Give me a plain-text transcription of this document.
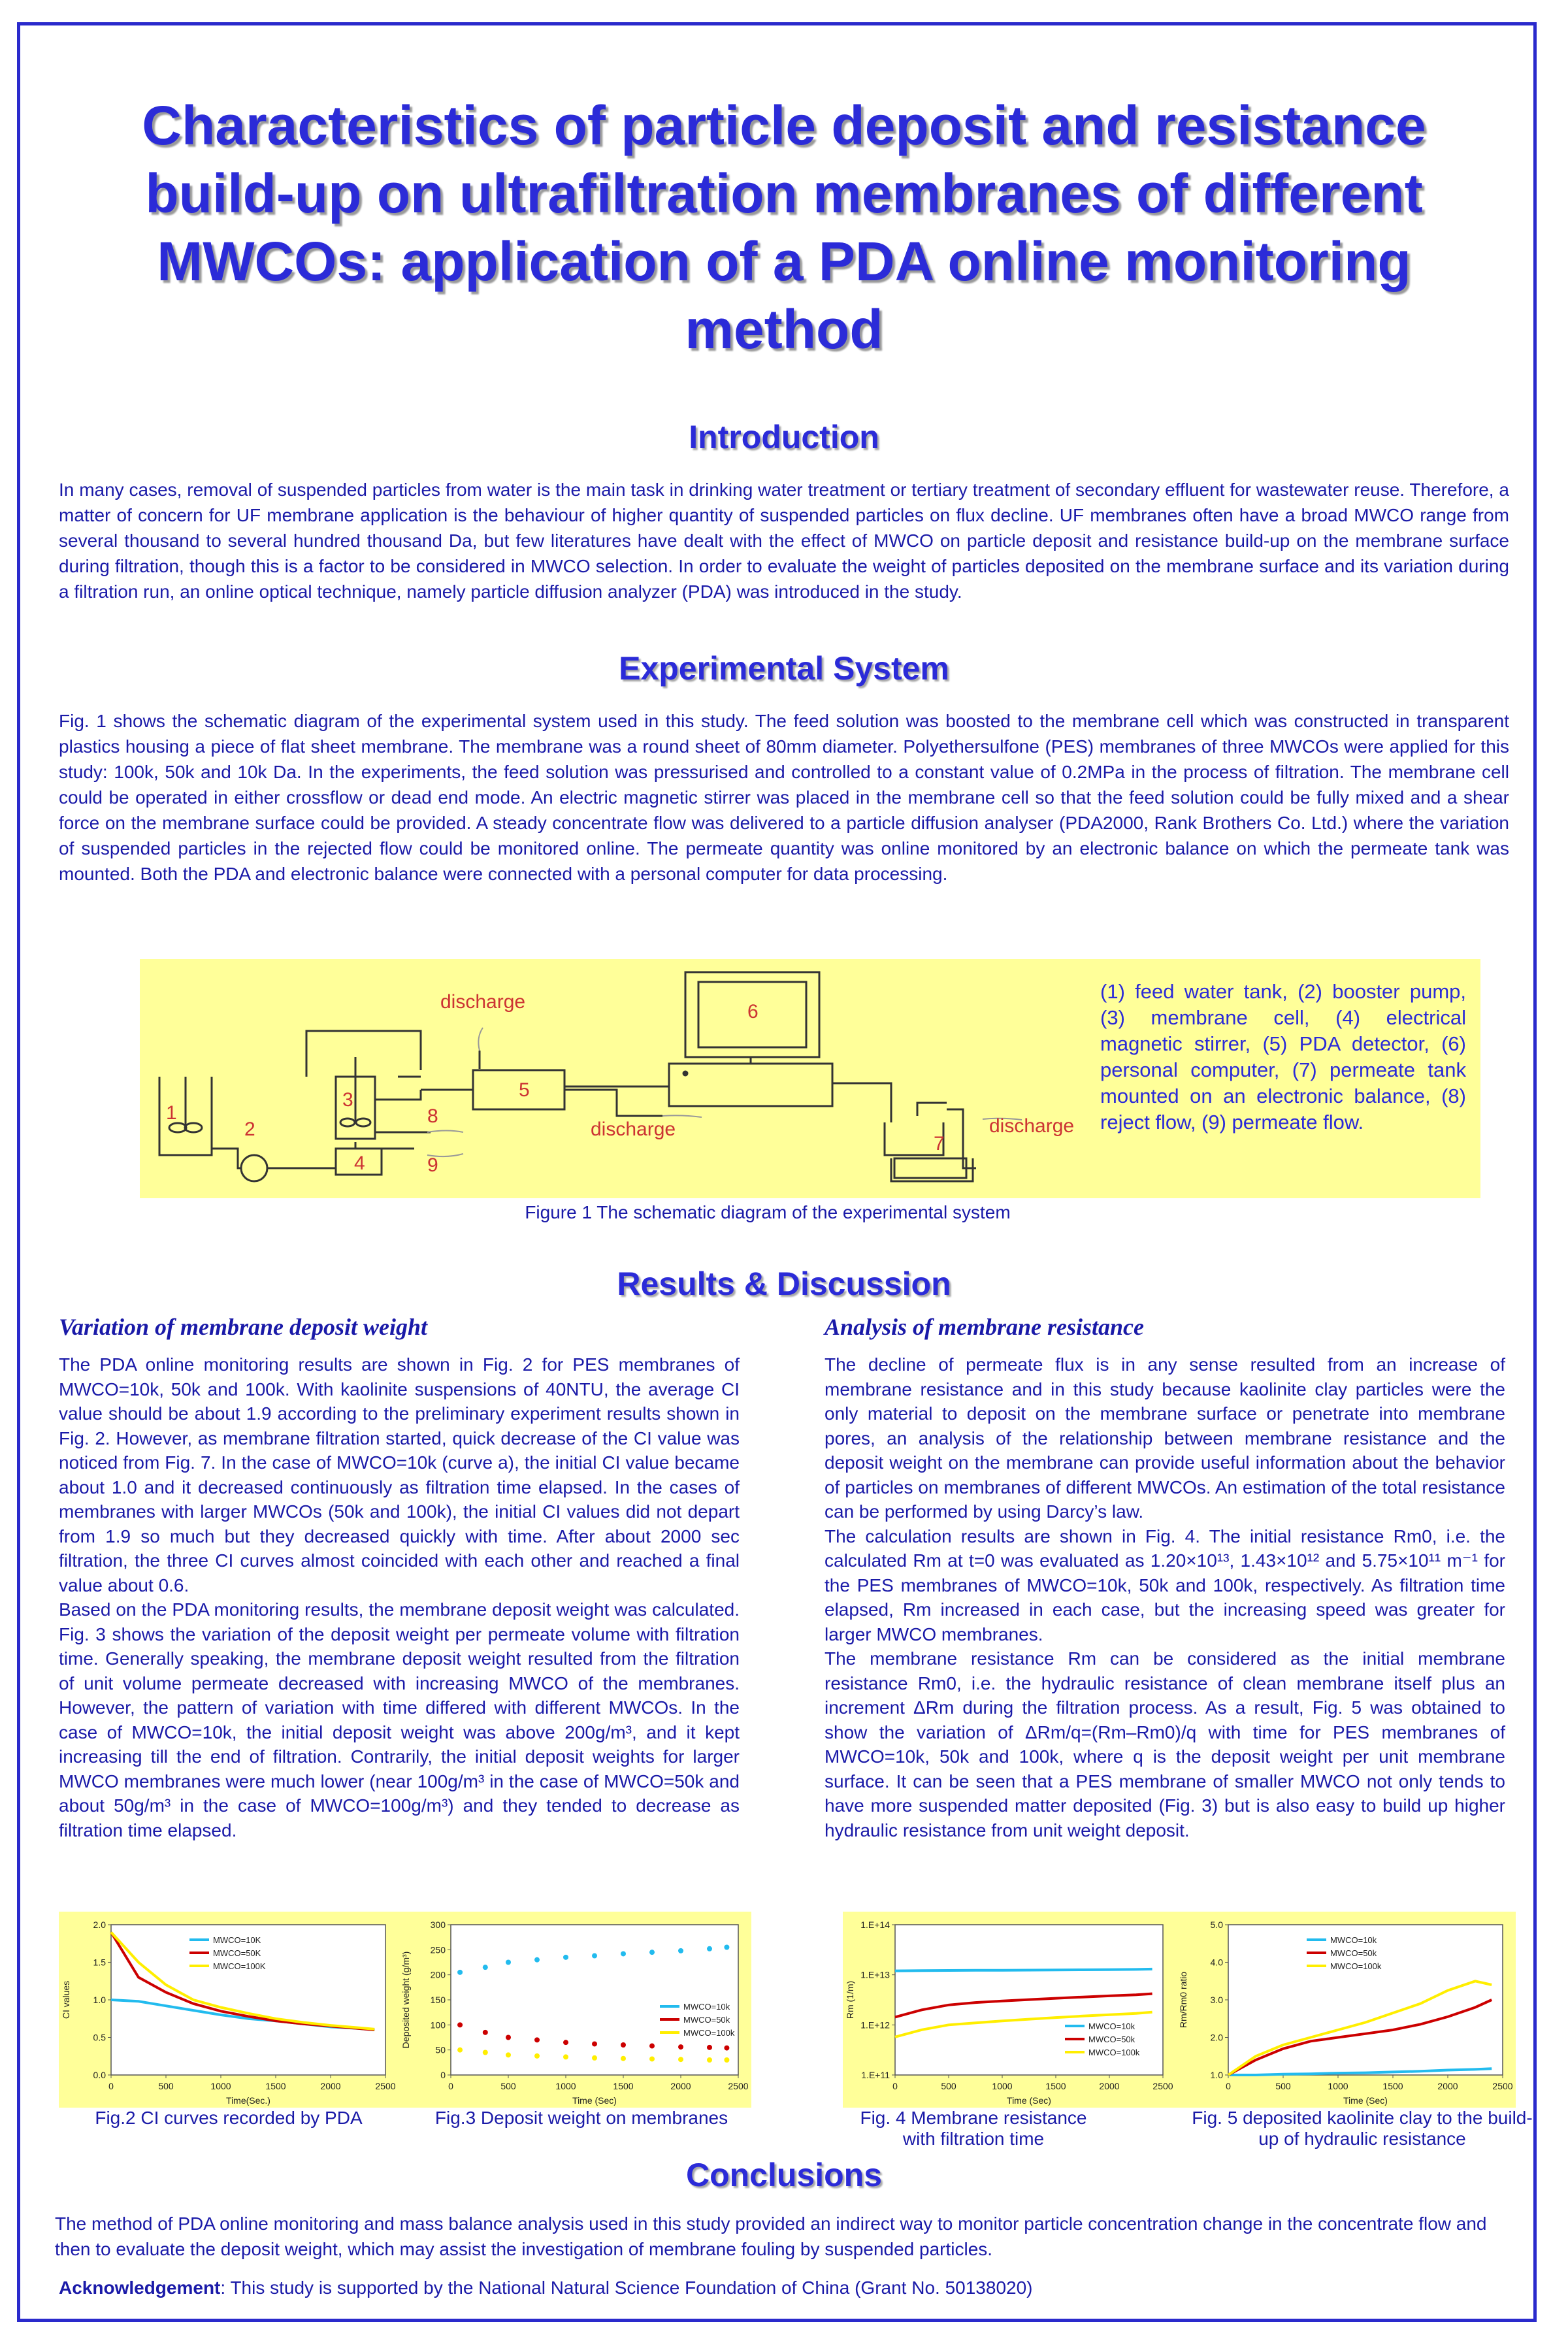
Characteristics of particle deposit and resistance build-up on ultrafiltration membranes of different MWCOs: application of a PDA online monitoring method
Introduction
In many cases, removal of suspended particles from water is the main task in drinking water treatment or tertiary treatment of secondary effluent for wastewater reuse. Therefore, a matter of concern for UF membrane application is the behaviour of higher quantity of suspended particles on flux decline. UF membranes often have a broad MWCO range from several thousand to several hundred thousand Da, but few literatures have dealt with the effect of MWCO on particle deposit and resistance build-up on the membrane surface during filtration, though this is a factor to be considered in MWCO selection. In order to evaluate the weight of particles deposited on the membrane surface and its variation during a filtration run, an online optical technique, namely particle diffusion analyzer (PDA) was introduced in the study.
Experimental System
Fig. 1 shows the schematic diagram of the experimental system used in this study. The feed solution was boosted to the membrane cell which was constructed in transparent plastics housing a piece of flat sheet membrane. The membrane was a round sheet of 80mm diameter. Polyethersulfone (PES) membranes of three MWCOs were applied for this study: 100k, 50k and 10k Da. In the experiments, the feed solution was pressurised and controlled to a constant value of 0.2MPa in the process of filtration. The membrane cell could be operated in either crossflow or dead end mode. An electric magnetic stirrer was placed in the membrane cell so that the feed solution could be fully mixed and a shear force on the membrane surface could be provided. A steady concentrate flow was delivered to a particle diffusion analyser (PDA2000, Rank Brothers Co. Ltd.) where the variation of suspended particles in the rejected flow could be monitored online. The permeate quantity was online monitored by an electronic balance on which the permeate tank was mounted. Both the PDA and electronic balance were connected with a personal computer for data processing.
1
2
3
4
5
6
7
8
9
discharge
discharge	discharge
(1) feed water tank, (2) booster pump, (3) membrane cell, (4) electrical magnetic stirrer, (5) PDA detector, (6) personal computer, (7) permeate tank mounted on an electronic balance, (8) reject flow, (9) permeate flow.
Figure 1 The schematic diagram of the experimental system
Results & Discussion
Variation of membrane deposit weight
The PDA online monitoring results are shown in Fig. 2 for PES membranes of MWCO=10k, 50k and 100k. With kaolinite suspensions of 40NTU, the average CI value should be about 1.9 according to the preliminary experiment results shown in Fig. 2. However, as membrane filtration started, quick decrease of the CI value was noticed from Fig. 7. In the case of MWCO=10k (curve a), the initial CI value became about 1.0 and it decreased continuously as filtration time elapsed. In the cases of membranes with larger MWCOs (50k and 100k), the initial CI values did not depart from 1.9 so much but they decreased quickly with time. After about 2000 sec filtration, the three CI curves almost coincided with each other and reached a final value about 0.6.
Based on the PDA monitoring results, the membrane deposit weight was calculated. Fig. 3 shows the variation of the deposit weight per permeate volume with filtration time. Generally speaking, the membrane deposit weight resulted from the filtration of unit volume permeate decreased with increasing MWCO of the membranes. However, the pattern of variation with time differed with different MWCOs. In the case of MWCO=10k, the initial deposit weight was above 200g/m³, and it kept increasing till the end of filtration. Contrarily, the initial deposit weights for larger MWCO membranes were much lower (near 100g/m³ in the case of MWCO=50k and about 50g/m³ in the case of MWCO=100g/m³) and they tended to decrease as filtration time elapsed.
Analysis of membrane resistance
The decline of permeate flux is in any sense resulted from an increase of membrane resistance and in this study because kaolinite clay particles were the only material to deposit on the membrane surface or penetrate into membrane pores, an analysis of the relationship between membrane resistance and the deposit weight on the membrane can provide useful information about the behavior of particles on membranes of different MWCOs. An estimation of the total resistance can be performed by using Darcy’s law.
The calculation results are shown in Fig. 4. The initial resistance Rm0, i.e. the calculated Rm at t=0 was evaluated as 1.20×10¹³, 1.43×10¹² and 5.75×10¹¹ m⁻¹ for the PES membranes of MWCO=10k, 50k and 100k, respectively. As filtration time elapsed, Rm increased in each case, but the increasing speed was greater for larger MWCO membranes.
The membrane resistance Rm can be considered as the initial membrane resistance Rm0, i.e. the hydraulic resistance of clean membrane itself plus an increment ΔRm during the filtration process. As a result, Fig. 5 was obtained to show the variation of ΔRm/q=(Rm–Rm0)/q with time for PES membranes of MWCO=10k, 50k and 100k, where q is the deposit weight per unit membrane surface. It can be seen that a PES membrane of smaller MWCO not only tends to have more suspended matter deposited (Fig. 3) but is also easy to build up higher hydraulic resistance from unit weight deposit.
0	500	1000	1500	2000	2500
0.0
0.5
1.0
1.5
2.0
Time(Sec.)
CI values
MWCO=10K
MWCO=50K
MWCO=100K
0	500	1000	1500	2000	2500
0
50
100
150
200
250
300
Time (Sec)
Deposited weight (g/m³)	MWCO=10k
MWCO=50k
MWCO=100k
0	500	1000	1500	2000	2500
1.E+11
1.E+12
1.E+13
1.E+14
Time (Sec)
Rm (1/m)
MWCO=10k
MWCO=50k
MWCO=100k
0	500	1000	1500	2000	2500
1.0
2.0
3.0
4.0
5.0
Time (Sec)
Rm/Rm0 ratio
MWCO=10k
MWCO=50k
MWCO=100k
Fig.2 CI curves recorded by PDA	Fig.3 Deposit weight on membranes	Fig. 4 Membrane resistance with filtration time
Fig. 5 deposited kaolinite clay to the build-up of hydraulic resistance
Conclusions
The method of PDA online monitoring and mass balance analysis used in this study provided an indirect way to monitor particle concentration change in the concentrate flow and then to evaluate the deposit weight, which may assist the investigation of membrane fouling by suspended particles.
Acknowledgement: This study is supported by the National Natural Science Foundation of China (Grant No. 50138020)
